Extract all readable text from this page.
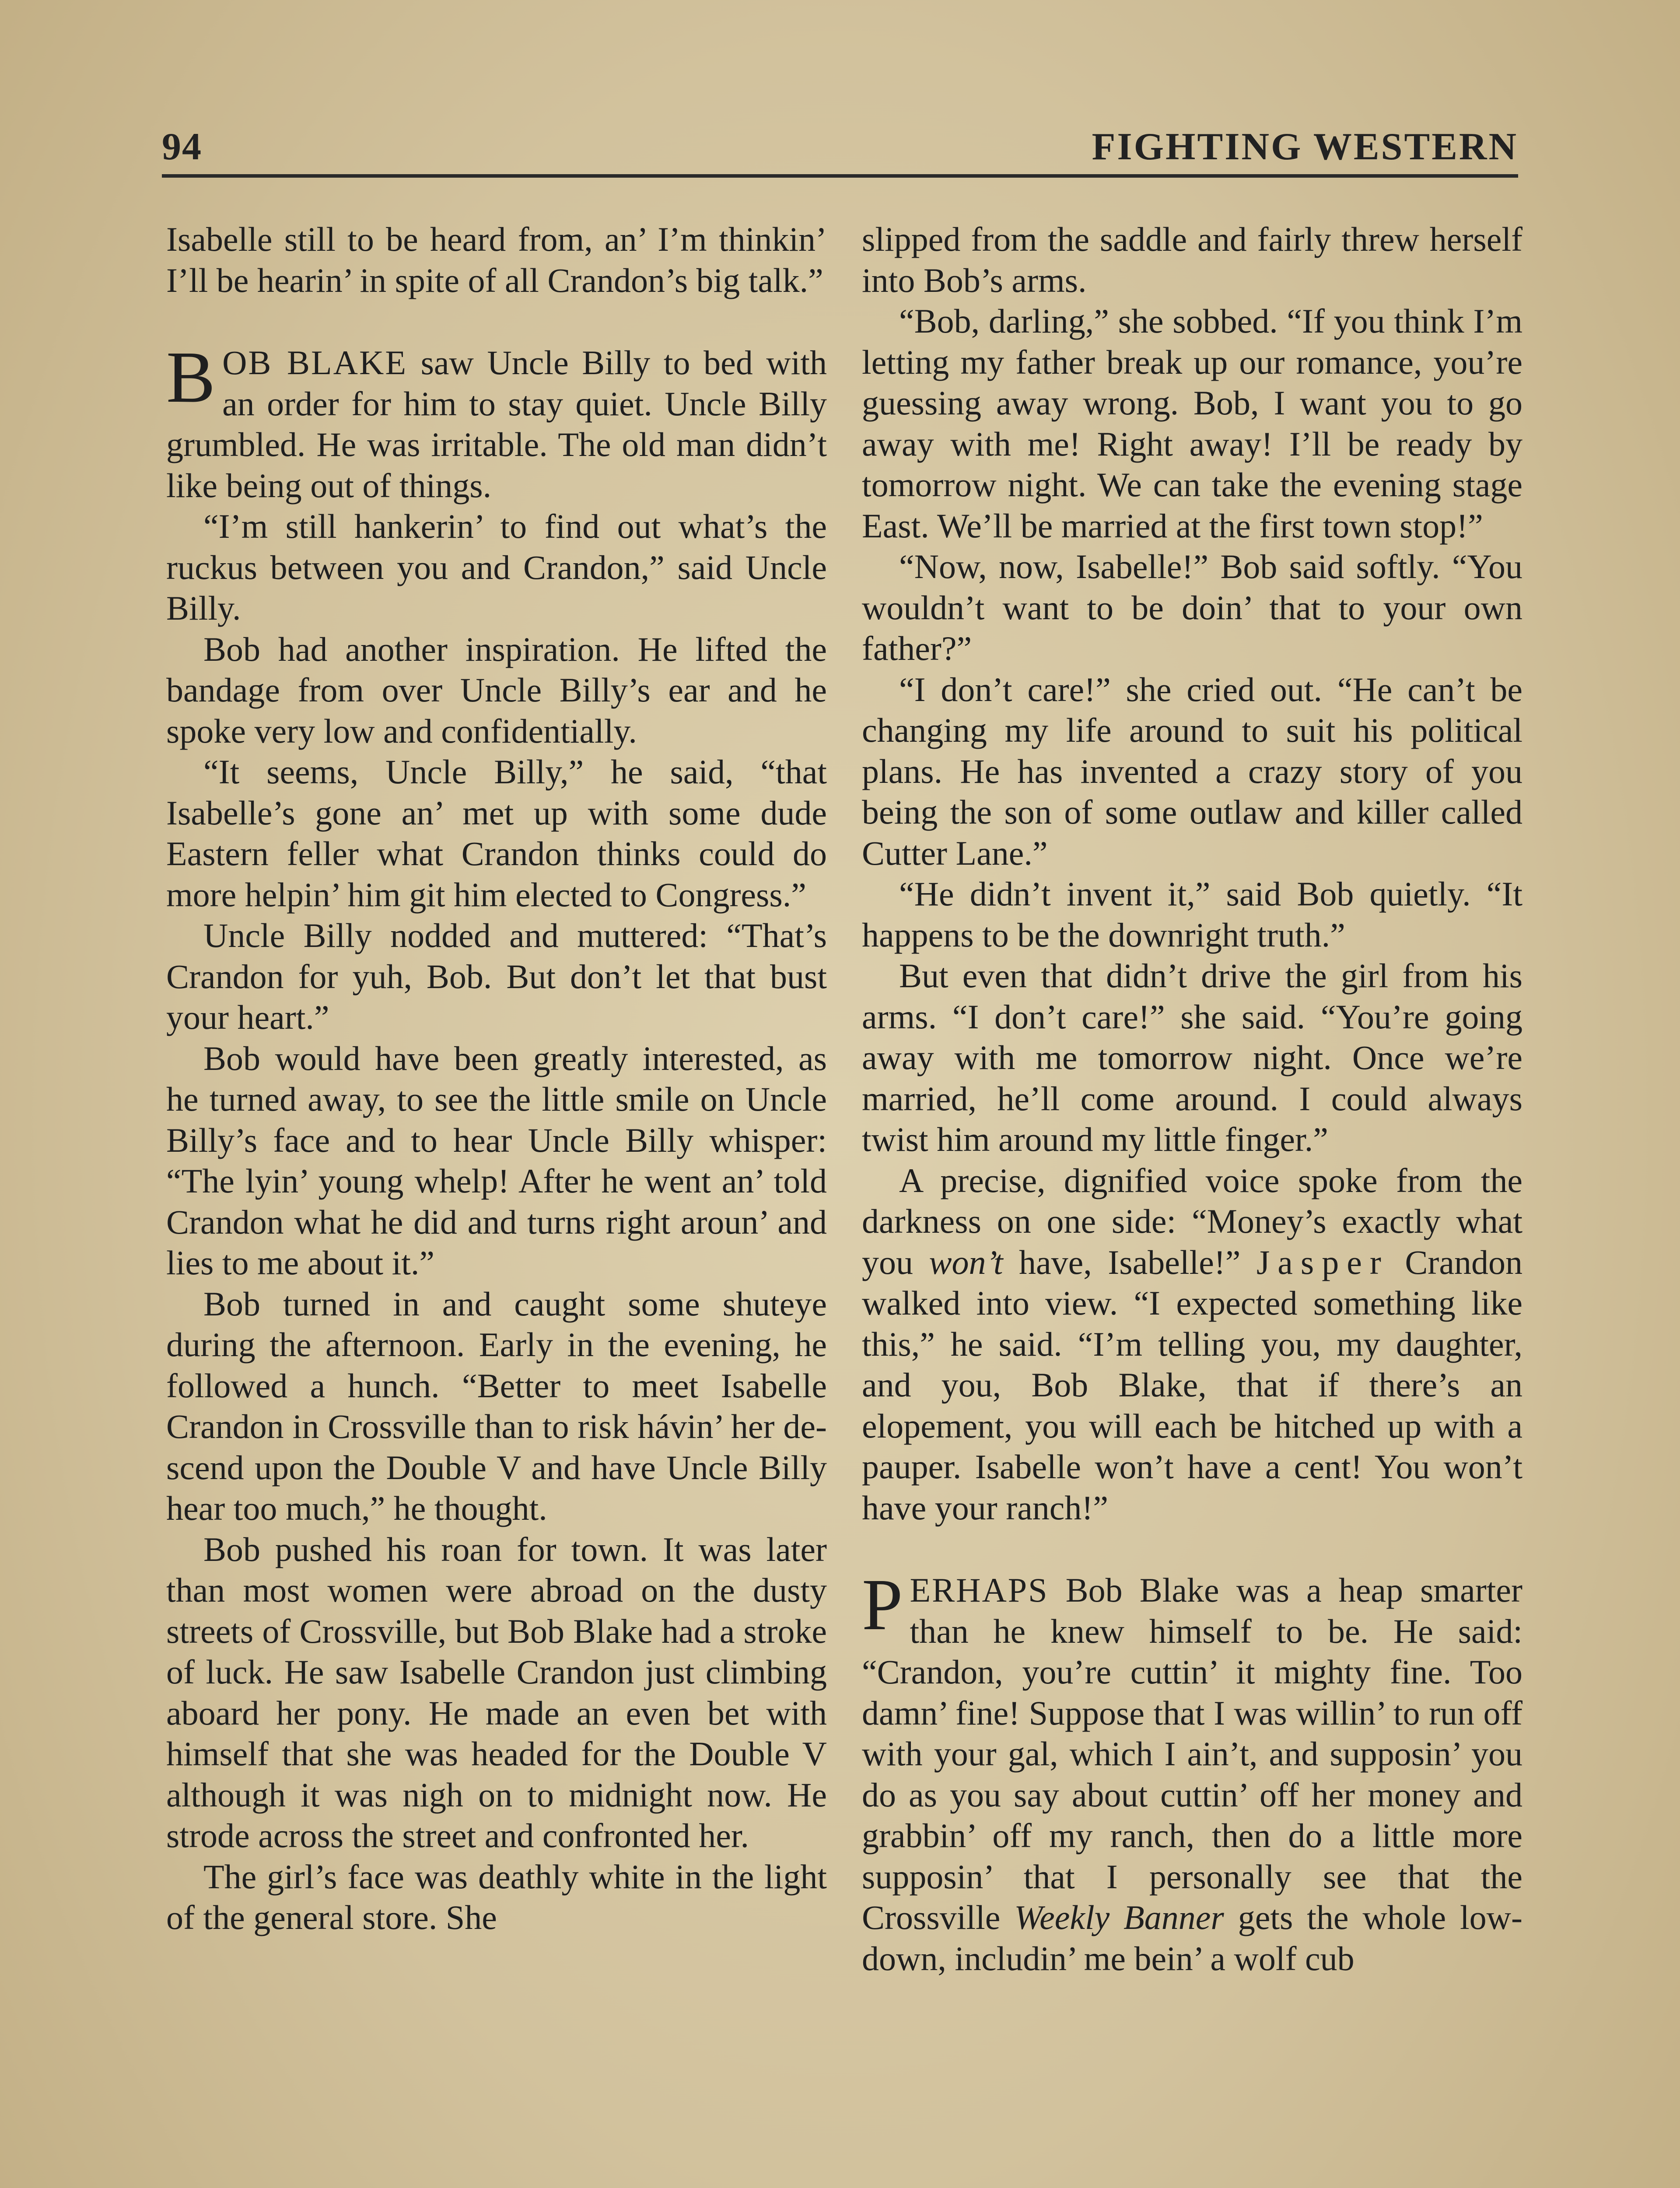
94	FIGHTING WESTERN

Isabelle still to be heard from, an’ I’m thinkin’ I’ll be hearin’ in spite of all Crandon’s big talk.”

BOB BLAKE saw Uncle Billy to bed with an order for him to stay quiet. Uncle Billy grumbled. He was irritable. The old man didn’t like being out of things.

“I’m still hankerin’ to find out what’s the ruckus between you and Crandon,” said Uncle Billy.

Bob had another inspiration. He lifted the bandage from over Uncle Billy’s ear and he spoke very low and confidentially.

“It seems, Uncle Billy,” he said, “that Isabelle’s gone an’ met up with some dude Eastern feller what Crandon thinks could do more helpin’ him git him elected to Congress.”

Uncle Billy nodded and muttered: “That’s Crandon for yuh, Bob. But don’t let that bust your heart.”

Bob would have been greatly interested, as he turned away, to see the little smile on Uncle Billy’s face and to hear Uncle Billy whisper: “The lyin’ young whelp! After he went an’ told Crandon what he did and turns right aroun’ and lies to me about it.”

Bob turned in and caught some shuteye during the afternoon. Early in the evening, he followed a hunch. “Better to meet Isabelle Crandon in Crossville than to risk hávin’ her descend upon the Double V and have Uncle Billy hear too much,” he thought.

Bob pushed his roan for town. It was later than most women were abroad on the dusty streets of Crossville, but Bob Blake had a stroke of luck. He saw Isabelle Crandon just climbing aboard her pony. He made an even bet with himself that she was headed for the Double V although it was nigh on to midnight now. He strode across the street and confronted her.

The girl’s face was deathly white in the light of the general store. She

slipped from the saddle and fairly threw herself into Bob’s arms.

“Bob, darling,” she sobbed. “If you think I’m letting my father break up our romance, you’re guessing away wrong. Bob, I want you to go away with me! Right away! I’ll be ready by tomorrow night. We can take the evening stage East. We’ll be married at the first town stop!”

“Now, now, Isabelle!” Bob said softly. “You wouldn’t want to be doin’ that to your own father?”

“I don’t care!” she cried out. “He can’t be changing my life around to suit his political plans. He has invented a crazy story of you being the son of some outlaw and killer called Cutter Lane.”

“He didn’t invent it,” said Bob quietly. “It happens to be the downright truth.”

But even that didn’t drive the girl from his arms. “I don’t care!” she said. “You’re going away with me tomorrow night. Once we’re married, he’ll come around. I could always twist him around my little finger.”

A precise, dignified voice spoke from the darkness on one side: “Money’s exactly what you won’t have, Isabelle!” Jasper Crandon walked into view. “I expected something like this,” he said. “I’m telling you, my daughter, and you, Bob Blake, that if there’s an elopement, you will each be hitched up with a pauper. Isabelle won’t have a cent! You won’t have your ranch!”

PERHAPS Bob Blake was a heap smarter than he knew himself to be. He said: “Crandon, you’re cuttin’ it mighty fine. Too damn’ fine! Suppose that I was willin’ to run off with your gal, which I ain’t, and supposin’ you do as you say about cuttin’ off her money and grabbin’ off my ranch, then do a little more supposin’ that I personally see that the Crossville Weekly Banner gets the whole lowdown, includin’ me bein’ a wolf cub
